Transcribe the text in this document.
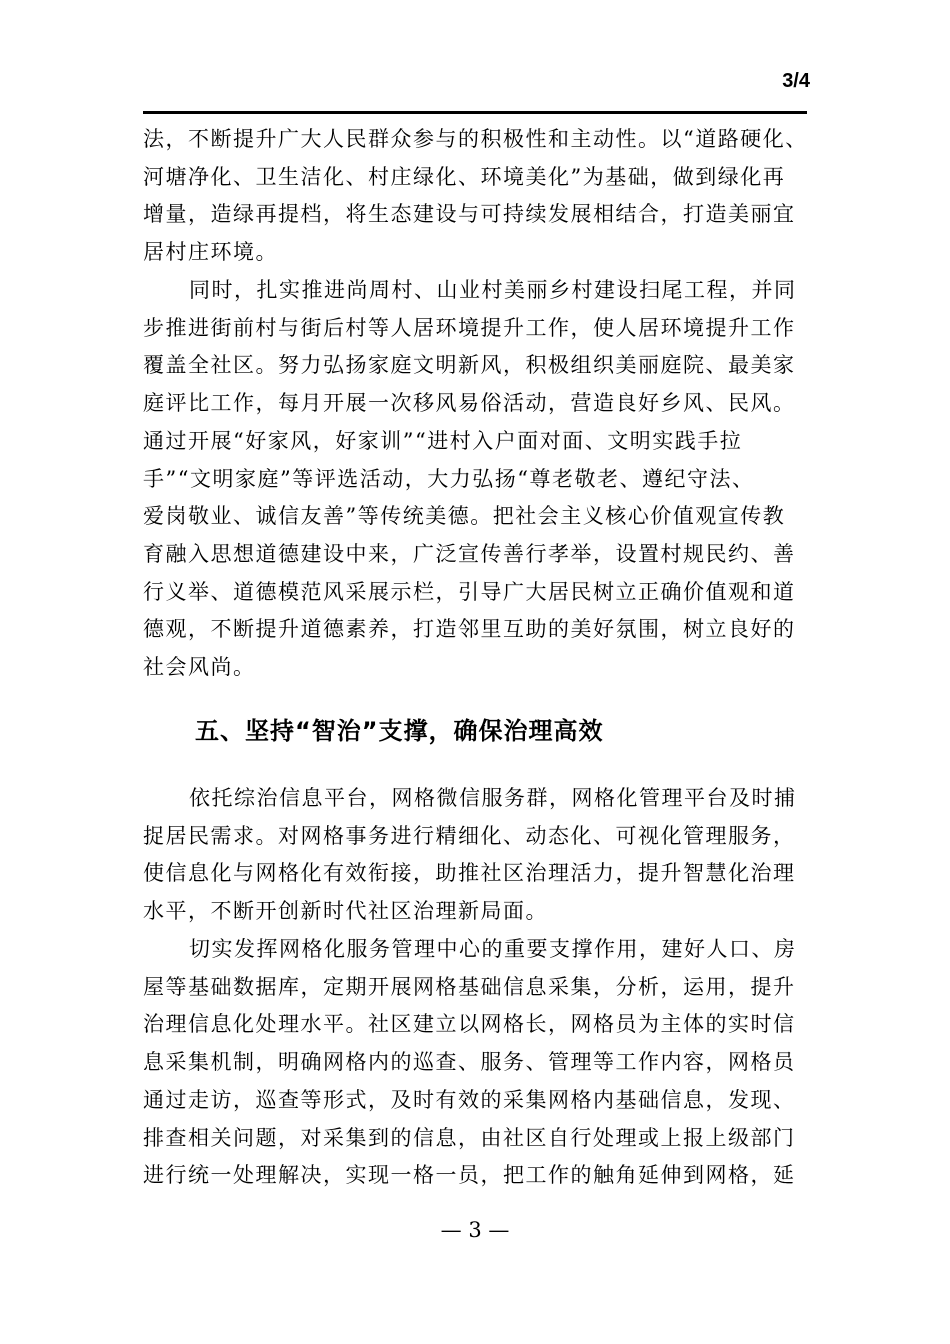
3/4
法，不断提升广大人民群众参与的积极性和主动性。以“道路硬化、
河塘净化、卫生洁化、村庄绿化、环境美化”为基础，做到绿化再
增量，造绿再提档，将生态建设与可持续发展相结合，打造美丽宜
居村庄环境。
同时，扎实推进尚周村、山业村美丽乡村建设扫尾工程，并同
步推进街前村与街后村等人居环境提升工作，使人居环境提升工作
覆盖全社区。努力弘扬家庭文明新风，积极组织美丽庭院、最美家
庭评比工作，每月开展一次移风易俗活动，营造良好乡风、民风。
通过开展“好家风，好家训”“进村入户面对面、文明实践手拉
手”“文明家庭”等评选活动，大力弘扬“尊老敬老、遵纪守法、
爱岗敬业、诚信友善”等传统美德。把社会主义核心价值观宣传教
育融入思想道德建设中来，广泛宣传善行孝举，设置村规民约、善
行义举、道德模范风采展示栏，引导广大居民树立正确价值观和道
德观，不断提升道德素养，打造邻里互助的美好氛围，树立良好的
社会风尚。
五、坚持“智治”支撑，确保治理高效
依托综治信息平台，网格微信服务群，网格化管理平台及时捕
捉居民需求。对网格事务进行精细化、动态化、可视化管理服务，
使信息化与网格化有效衔接，助推社区治理活力，提升智慧化治理
水平，不断开创新时代社区治理新局面。
切实发挥网格化服务管理中心的重要支撑作用，建好人口、房
屋等基础数据库，定期开展网格基础信息采集，分析，运用，提升
治理信息化处理水平。社区建立以网格长，网格员为主体的实时信
息采集机制，明确网格内的巡查、服务、管理等工作内容，网格员
通过走访，巡查等形式，及时有效的采集网格内基础信息，发现、
排查相关问题，对采集到的信息，由社区自行处理或上报上级部门
进行统一处理解决，实现一格一员，把工作的触角延伸到网格，延
— 3 —
